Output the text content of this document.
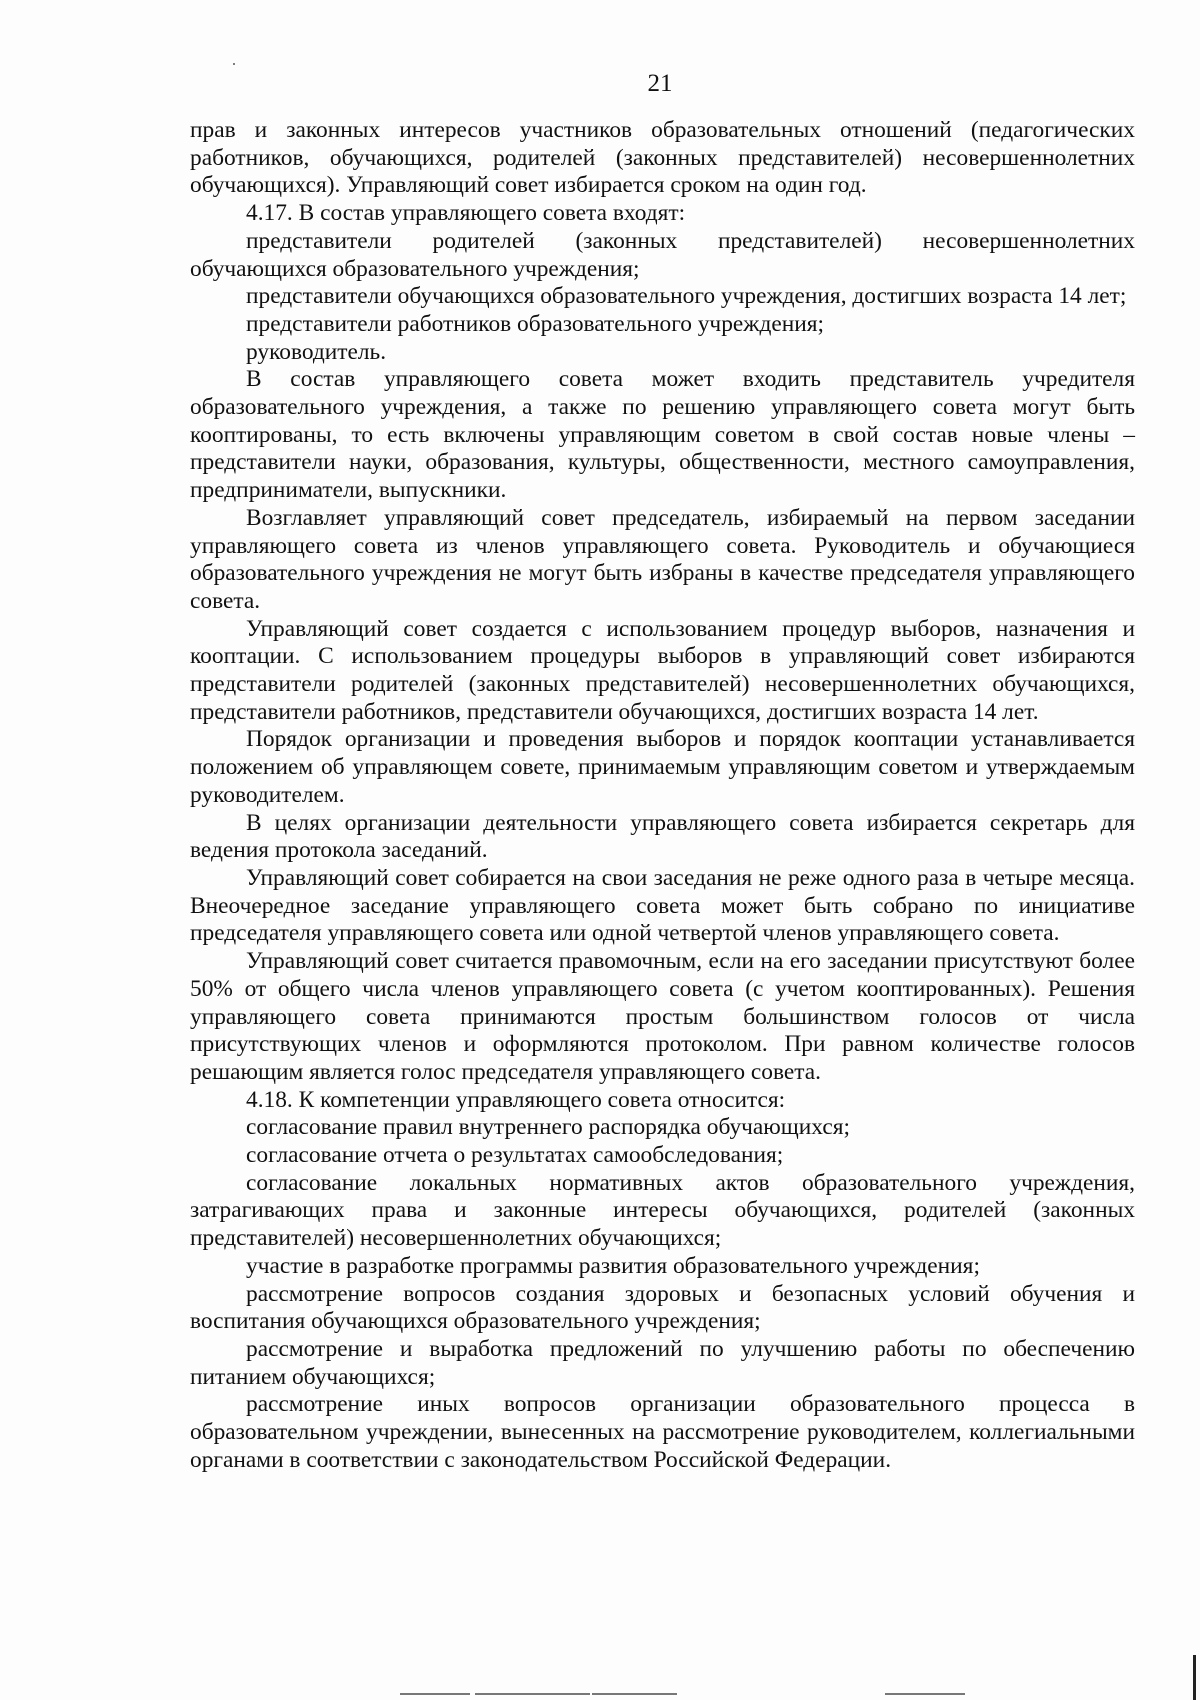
21

прав и законных интересов участников образовательных отношений (педагогических работников, обучающихся, родителей (законных представителей) несовершеннолетних обучающихся). Управляющий совет избирается сроком на один год.

4.17. В состав управляющего совета входят:

представители родителей (законных представителей) несовершеннолетних обучающихся образовательного учреждения;

представители обучающихся образовательного учреждения, достигших возраста 14 лет;

представители работников образовательного учреждения;

руководитель.

В состав управляющего совета может входить представитель учредителя образовательного учреждения, а также по решению управляющего совета могут быть кооптированы, то есть включены управляющим советом в свой состав новые члены – представители науки, образования, культуры, общественности, местного самоуправления, предприниматели, выпускники.

Возглавляет управляющий совет председатель, избираемый на первом заседании управляющего совета из членов управляющего совета. Руководитель и обучающиеся образовательного учреждения не могут быть избраны в качестве председателя управляющего совета.

Управляющий совет создается с использованием процедур выборов, назначения и кооптации. С использованием процедуры выборов в управляющий совет избираются представители родителей (законных представителей) несовершеннолетних обучающихся, представители работников, представители обучающихся, достигших возраста 14 лет.

Порядок организации и проведения выборов и порядок кооптации устанавливается положением об управляющем совете, принимаемым управляющим советом и утверждаемым руководителем.

В целях организации деятельности управляющего совета избирается секретарь для ведения протокола заседаний.

Управляющий совет собирается на свои заседания не реже одного раза в четыре месяца. Внеочередное заседание управляющего совета может быть собрано по инициативе председателя управляющего совета или одной четвертой членов управляющего совета.

Управляющий совет считается правомочным, если на его заседании присутствуют более 50% от общего числа членов управляющего совета (с учетом кооптированных). Решения управляющего совета принимаются простым большинством голосов от числа присутствующих членов и оформляются протоколом. При равном количестве голосов решающим является голос председателя управляющего совета.

4.18. К компетенции управляющего совета относится:

согласование правил внутреннего распорядка обучающихся;

согласование отчета о результатах самообследования;

согласование локальных нормативных актов образовательного учреждения, затрагивающих права и законные интересы обучающихся, родителей (законных представителей) несовершеннолетних обучающихся;

участие в разработке программы развития образовательного учреждения;

рассмотрение вопросов создания здоровых и безопасных условий обучения и воспитания обучающихся образовательного учреждения;

рассмотрение и выработка предложений по улучшению работы по обеспечению питанием обучающихся;

рассмотрение иных вопросов организации образовательного процесса в образовательном учреждении, вынесенных на рассмотрение руководителем, коллегиальными органами в соответствии с законодательством Российской Федерации.
